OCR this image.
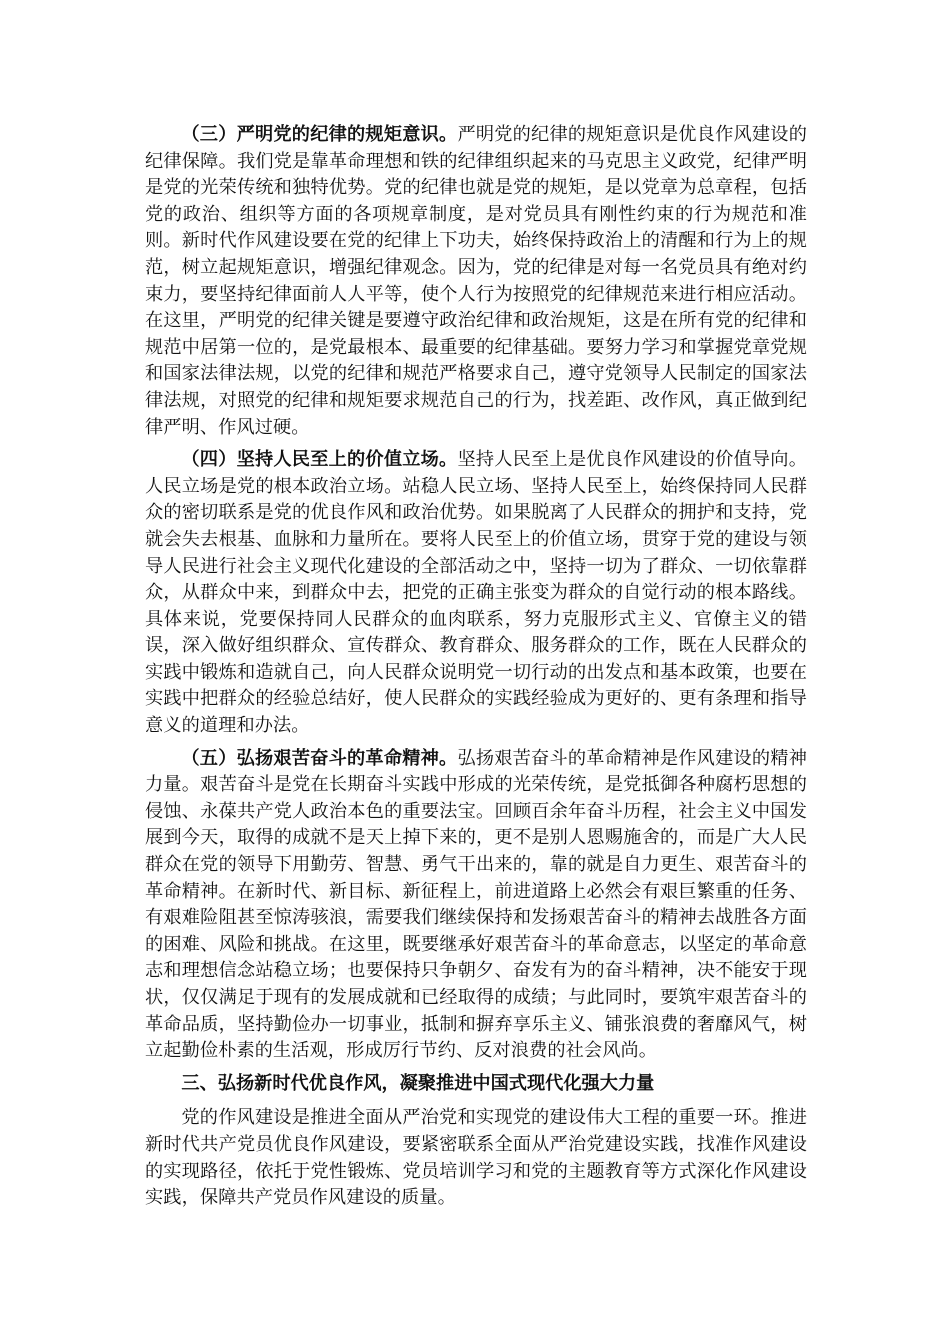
（三）严明党的纪律的规矩意识。严明党的纪律的规矩意识是优良作风建设的纪律保障。我们党是靠革命理想和铁的纪律组织起来的马克思主义政党，纪律严明是党的光荣传统和独特优势。党的纪律也就是党的规矩，是以党章为总章程，包括党的政治、组织等方面的各项规章制度，是对党员具有刚性约束的行为规范和准则。新时代作风建设要在党的纪律上下功夫，始终保持政治上的清醒和行为上的规范，树立起规矩意识，增强纪律观念。因为，党的纪律是对每一名党员具有绝对约束力，要坚持纪律面前人人平等，使个人行为按照党的纪律规范来进行相应活动。在这里，严明党的纪律关键是要遵守政治纪律和政治规矩，这是在所有党的纪律和规范中居第一位的，是党最根本、最重要的纪律基础。要努力学习和掌握党章党规和国家法律法规，以党的纪律和规范严格要求自己，遵守党领导人民制定的国家法律法规，对照党的纪律和规矩要求规范自己的行为，找差距、改作风，真正做到纪律严明、作风过硬。

（四）坚持人民至上的价值立场。坚持人民至上是优良作风建设的价值导向。人民立场是党的根本政治立场。站稳人民立场、坚持人民至上，始终保持同人民群众的密切联系是党的优良作风和政治优势。如果脱离了人民群众的拥护和支持，党就会失去根基、血脉和力量所在。要将人民至上的价值立场，贯穿于党的建设与领导人民进行社会主义现代化建设的全部活动之中，坚持一切为了群众、一切依靠群众，从群众中来，到群众中去，把党的正确主张变为群众的自觉行动的根本路线。具体来说，党要保持同人民群众的血肉联系，努力克服形式主义、官僚主义的错误，深入做好组织群众、宣传群众、教育群众、服务群众的工作，既在人民群众的实践中锻炼和造就自己，向人民群众说明党一切行动的出发点和基本政策，也要在实践中把群众的经验总结好，使人民群众的实践经验成为更好的、更有条理和指导意义的道理和办法。

（五）弘扬艰苦奋斗的革命精神。弘扬艰苦奋斗的革命精神是作风建设的精神力量。艰苦奋斗是党在长期奋斗实践中形成的光荣传统，是党抵御各种腐朽思想的侵蚀、永葆共产党人政治本色的重要法宝。回顾百余年奋斗历程，社会主义中国发展到今天，取得的成就不是天上掉下来的，更不是别人恩赐施舍的，而是广大人民群众在党的领导下用勤劳、智慧、勇气干出来的，靠的就是自力更生、艰苦奋斗的革命精神。在新时代、新目标、新征程上，前进道路上必然会有艰巨繁重的任务、有艰难险阻甚至惊涛骇浪，需要我们继续保持和发扬艰苦奋斗的精神去战胜各方面的困难、风险和挑战。在这里，既要继承好艰苦奋斗的革命意志，以坚定的革命意志和理想信念站稳立场；也要保持只争朝夕、奋发有为的奋斗精神，决不能安于现状，仅仅满足于现有的发展成就和已经取得的成绩；与此同时，要筑牢艰苦奋斗的革命品质，坚持勤俭办一切事业，抵制和摒弃享乐主义、铺张浪费的奢靡风气，树立起勤俭朴素的生活观，形成厉行节约、反对浪费的社会风尚。

三、弘扬新时代优良作风，凝聚推进中国式现代化强大力量

党的作风建设是推进全面从严治党和实现党的建设伟大工程的重要一环。推进新时代共产党员优良作风建设，要紧密联系全面从严治党建设实践，找准作风建设的实现路径，依托于党性锻炼、党员培训学习和党的主题教育等方式深化作风建设实践，保障共产党员作风建设的质量。
